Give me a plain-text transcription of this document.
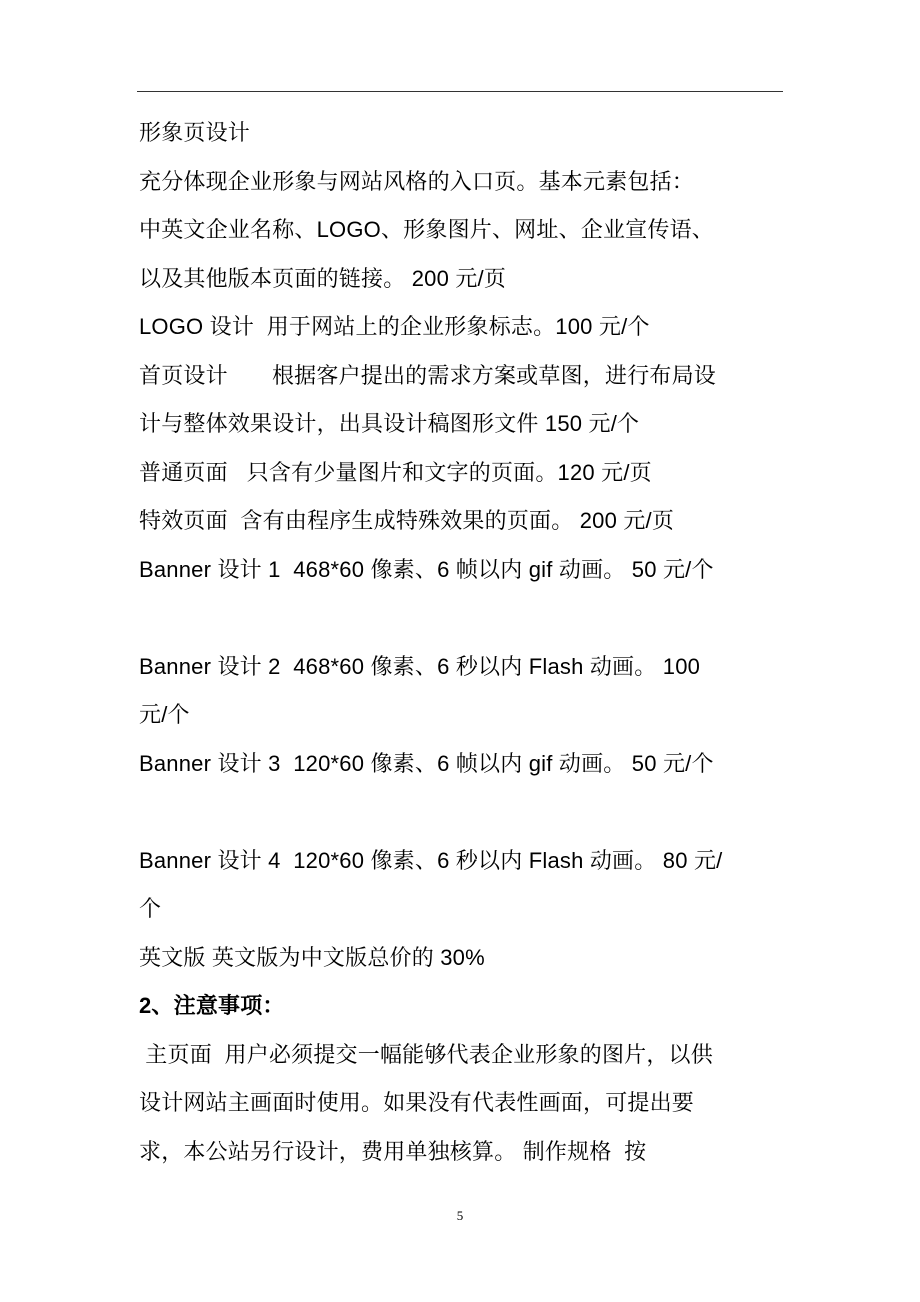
形象页设计
充分体现企业形象与网站风格的入口页。基本元素包括：
中英文企业名称、LOGO、形象图片、网址、企业宣传语、
以及其他版本页面的链接。 200 元/页
LOGO 设计  用于网站上的企业形象标志。100 元/个
首页设计       根据客户提出的需求方案或草图，进行布局设
计与整体效果设计，出具设计稿图形文件 150 元/个
普通页面   只含有少量图片和文字的页面。120 元/页
特效页面  含有由程序生成特殊效果的页面。 200 元/页
Banner 设计 1  468*60 像素、6 帧以内 gif 动画。 50 元/个
Banner 设计 2  468*60 像素、6 秒以内 Flash 动画。 100
元/个
Banner 设计 3  120*60 像素、6 帧以内 gif 动画。 50 元/个
Banner 设计 4  120*60 像素、6 秒以内 Flash 动画。 80 元/
个
英文版 英文版为中文版总价的 30%
2、注意事项：
主页面  用户必须提交一幅能够代表企业形象的图片，以供
设计网站主画面时使用。如果没有代表性画面，可提出要
求，本公站另行设计，费用单独核算。 制作规格  按
5
